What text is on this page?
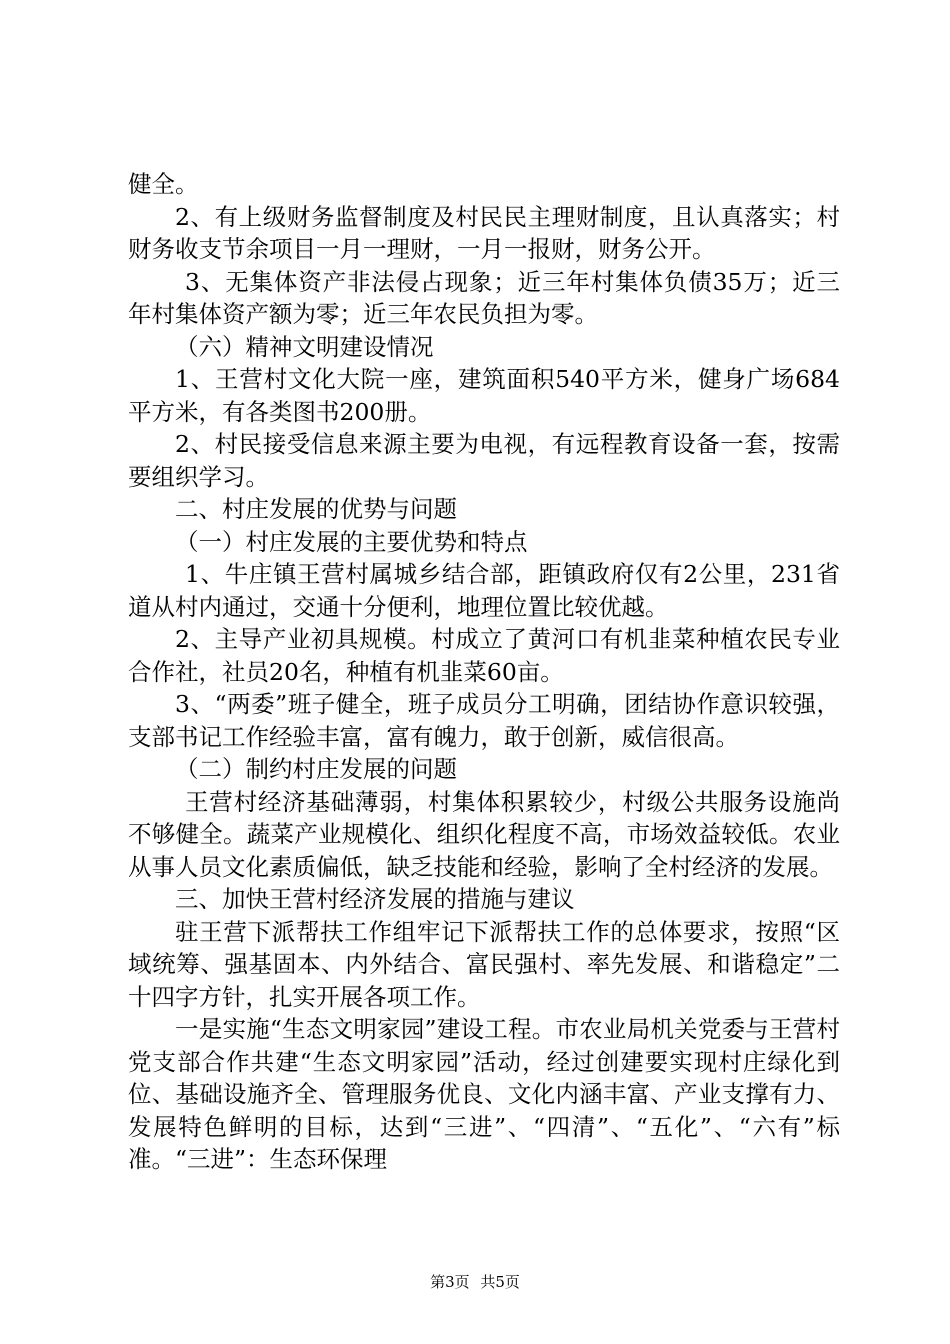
健全。

2、有上级财务监督制度及村民民主理财制度，且认真落实；村财务收支节余项目一月一理财，一月一报财，财务公开。

3、无集体资产非法侵占现象；近三年村集体负债35万；近三年村集体资产额为零；近三年农民负担为零。

（六）精神文明建设情况

1、王营村文化大院一座，建筑面积540平方米，健身广场684平方米，有各类图书200册。

2、村民接受信息来源主要为电视，有远程教育设备一套，按需要组织学习。

二、村庄发展的优势与问题

（一）村庄发展的主要优势和特点

1、牛庄镇王营村属城乡结合部，距镇政府仅有2公里，231省道从村内通过，交通十分便利，地理位置比较优越。

2、主导产业初具规模。村成立了黄河口有机韭菜种植农民专业合作社，社员20名，种植有机韭菜60亩。

3、“两委”班子健全，班子成员分工明确，团结协作意识较强，支部书记工作经验丰富，富有魄力，敢于创新，威信很高。

（二）制约村庄发展的问题

王营村经济基础薄弱，村集体积累较少，村级公共服务设施尚不够健全。蔬菜产业规模化、组织化程度不高，市场效益较低。农业从事人员文化素质偏低，缺乏技能和经验，影响了全村经济的发展。

三、加快王营村经济发展的措施与建议

驻王营下派帮扶工作组牢记下派帮扶工作的总体要求，按照“区域统筹、强基固本、内外结合、富民强村、率先发展、和谐稳定”二十四字方针，扎实开展各项工作。

一是实施“生态文明家园”建设工程。市农业局机关党委与王营村党支部合作共建“生态文明家园”活动，经过创建要实现村庄绿化到位、基础设施齐全、管理服务优良、文化内涵丰富、产业支撑有力、发展特色鲜明的目标，达到“三进”、“四清”、“五化”、“六有”标准。“三进”：生态环保理

第3页 共5页
